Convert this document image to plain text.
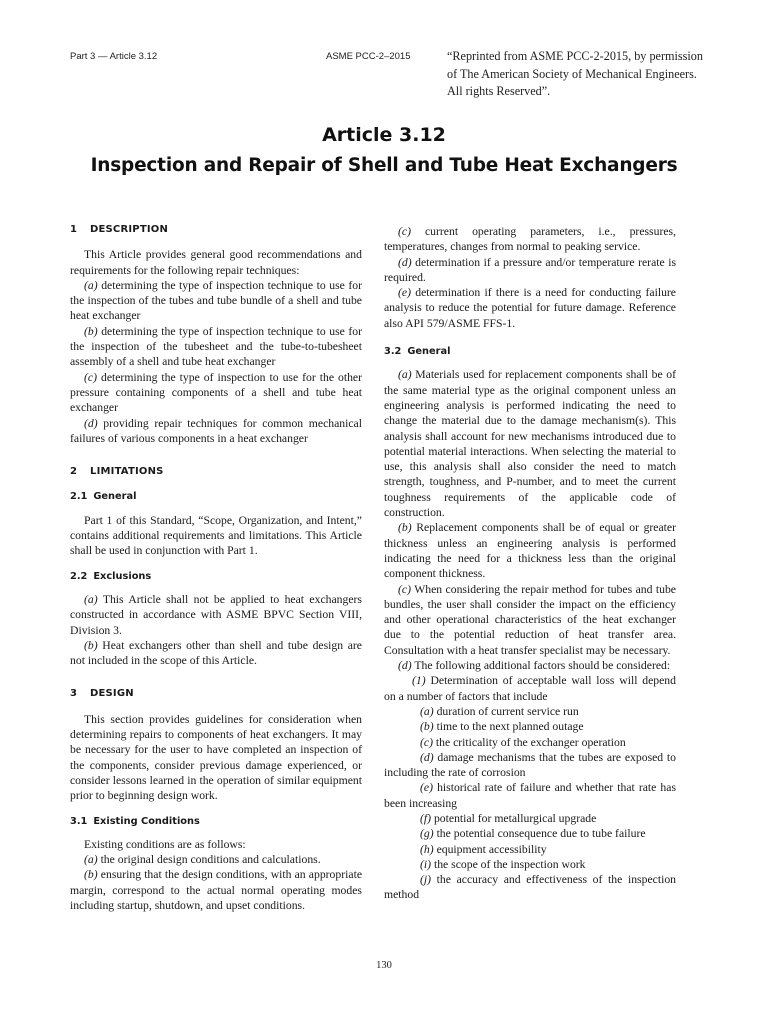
Part 3 — Article 3.12	ASME PCC-2–2015	“Reprinted from ASME PCC-2-2015, by permission
of The American Society of Mechanical Engineers.
All rights Reserved”.
Article 3.12
Inspection and Repair of Shell and Tube Heat Exchangers
1 DESCRIPTION

This Article provides general good recommendations and requirements for the following repair techniques:

(a) determining the type of inspection technique to use for the inspection of the tubes and tube bundle of a shell and tube heat exchanger

(b) determining the type of inspection technique to use for the inspection of the tubesheet and the tube-to-tubesheet assembly of a shell and tube heat exchanger

(c) determining the type of inspection to use for the other pressure containing components of a shell and tube heat exchanger

(d) providing repair techniques for common mechanical failures of various components in a heat exchanger

2 LIMITATIONS
2.1 General

Part 1 of this Standard, “Scope, Organization, and Intent,” contains additional requirements and limitations. This Article shall be used in conjunction with Part 1.

2.2 Exclusions

(a) This Article shall not be applied to heat exchangers constructed in accordance with ASME BPVC Section VIII, Division 3.

(b) Heat exchangers other than shell and tube design are not included in the scope of this Article.

3 DESIGN

This section provides guidelines for consideration when determining repairs to components of heat exchangers. It may be necessary for the user to have completed an inspection of the components, consider previous damage experienced, or consider lessons learned in the operation of similar equipment prior to beginning design work.

3.1 Existing Conditions

Existing conditions are as follows:

(a) the original design conditions and calculations.

(b) ensuring that the design conditions, with an appropriate margin, correspond to the actual normal operating modes including startup, shutdown, and upset conditions.

(c) current operating parameters, i.e., pressures, temperatures, changes from normal to peaking service.

(d) determination if a pressure and/or temperature rerate is required.

(e) determination if there is a need for conducting failure analysis to reduce the potential for future damage. Reference also API 579/ASME FFS-1.

3.2 General

(a) Materials used for replacement components shall be of the same material type as the original component unless an engineering analysis is performed indicating the need to change the material due to the damage mechanism(s). This analysis shall account for new mechanisms introduced due to potential material interactions. When selecting the material to use, this analysis shall also consider the need to match strength, toughness, and P-number, and to meet the current toughness requirements of the applicable code of construction.

(b) Replacement components shall be of equal or greater thickness unless an engineering analysis is performed indicating the need for a thickness less than the original component thickness.

(c) When considering the repair method for tubes and tube bundles, the user shall consider the impact on the efficiency and other operational characteristics of the heat exchanger due to the potential reduction of heat transfer area. Consultation with a heat transfer specialist may be necessary.

(d) The following additional factors should be considered:

(1) Determination of acceptable wall loss will depend on a number of factors that include

(a) duration of current service run

(b) time to the next planned outage

(c) the criticality of the exchanger operation

(d) damage mechanisms that the tubes are exposed to including the rate of corrosion

(e) historical rate of failure and whether that rate has been increasing

(f) potential for metallurgical upgrade

(g) the potential consequence due to tube failure

(h) equipment accessibility

(i) the scope of the inspection work

(j) the accuracy and effectiveness of the inspection method

130
